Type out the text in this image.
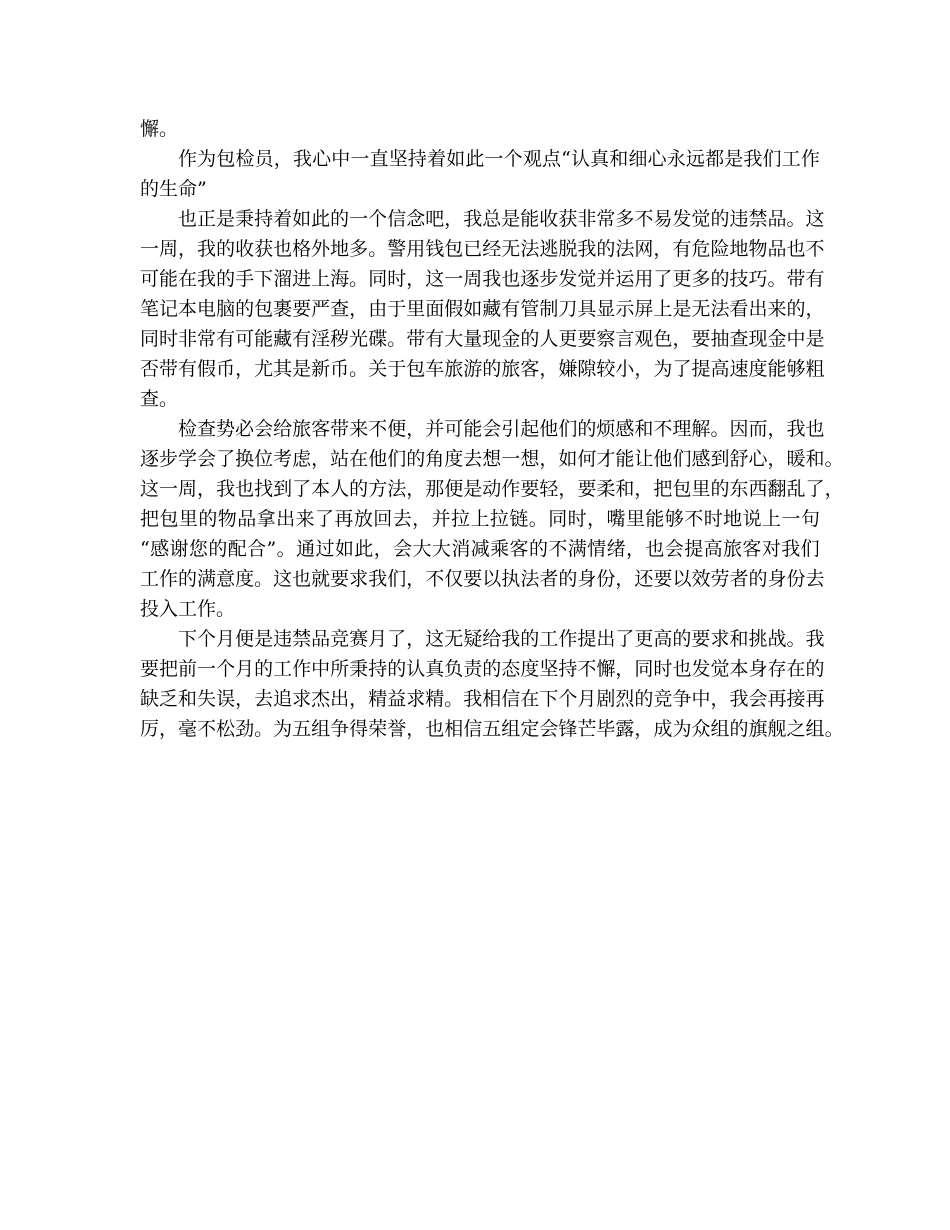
懈。
作 为 包 检 员 ， 我 心 中 一 直 坚 持 着 如 此 一 个 观 点 “ 认 真 和 细 心 永 远 都 是 我 们 工 作
的生命”
也 正 是 秉 持 着 如 此 的 一 个 信 念 吧 ， 我 总 是 能 收 获 非 常 多 不 易 发 觉 的 违 禁 品 。 这
一 周 ， 我 的 收 获 也 格 外 地 多 。 警 用 钱 包 已 经 无 法 逃 脱 我 的 法 网 ， 有 危 险 地 物 品 也 不
可 能 在 我 的 手 下 溜 进 上 海 。 同 时 ， 这 一 周 我 也 逐 步 发 觉 并 运 用 了 更 多 的 技 巧 。 带 有
笔 记 本 电 脑 的 包 裹 要 严 查 ， 由 于 里 面 假 如 藏 有 管 制 刀 具 显 示 屏 上 是 无 法 看 出 来 的 ，
同 时 非 常 有 可 能 藏 有 淫 秽 光 碟 。 带 有 大 量 现 金 的 人 更 要 察 言 观 色 ， 要 抽 查 现 金 中 是
否 带 有 假 币 ， 尤 其 是 新 币 。 关 于 包 车 旅 游 的 旅 客 ， 嫌 隙 较 小 ， 为 了 提 高 速 度 能 够 粗
查。
检 查 势 必 会 给 旅 客 带 来 不 便 ， 并 可 能 会 引 起 他 们 的 烦 感 和 不 理 解 。 因 而 ， 我 也
逐 步 学 会 了 换 位 考 虑 ， 站 在 他 们 的 角 度 去 想 一 想 ， 如 何 才 能 让 他 们 感 到 舒 心 ， 暖 和 。
这 一 周 ， 我 也 找 到 了 本 人 的 方 法 ， 那 便 是 动 作 要 轻 ， 要 柔 和 ， 把 包 里 的 东 西 翻 乱 了 ，
把 包 里 的 物 品 拿 出 来 了 再 放 回 去 ， 并 拉 上 拉 链 。 同 时 ， 嘴 里 能 够 不 时 地 说 上 一 句
“ 感 谢 您 的 配 合 ” 。 通 过 如 此 ， 会 大 大 消 减 乘 客 的 不 满 情 绪 ， 也 会 提 高 旅 客 对 我 们
工 作 的 满 意 度 。 这 也 就 要 求 我 们 ， 不 仅 要 以 执 法 者 的 身 份 ， 还 要 以 效 劳 者 的 身 份 去
投入工作。
下 个 月 便 是 违 禁 品 竞 赛 月 了 ， 这 无 疑 给 我 的 工 作 提 出 了 更 高 的 要 求 和 挑 战 。 我
要 把 前 一 个 月 的 工 作 中 所 秉 持 的 认 真 负 责 的 态 度 坚 持 不 懈 ， 同 时 也 发 觉 本 身 存 在 的
缺 乏 和 失 误 ， 去 追 求 杰 出 ， 精 益 求 精 。 我 相 信 在 下 个 月 剧 烈 的 竞 争 中 ， 我 会 再 接 再
厉 ， 毫 不 松 劲 。 为 五 组 争 得 荣 誉 ， 也 相 信 五 组 定 会 锋 芒 毕 露 ， 成 为 众 组 的 旗 舰 之 组 。
